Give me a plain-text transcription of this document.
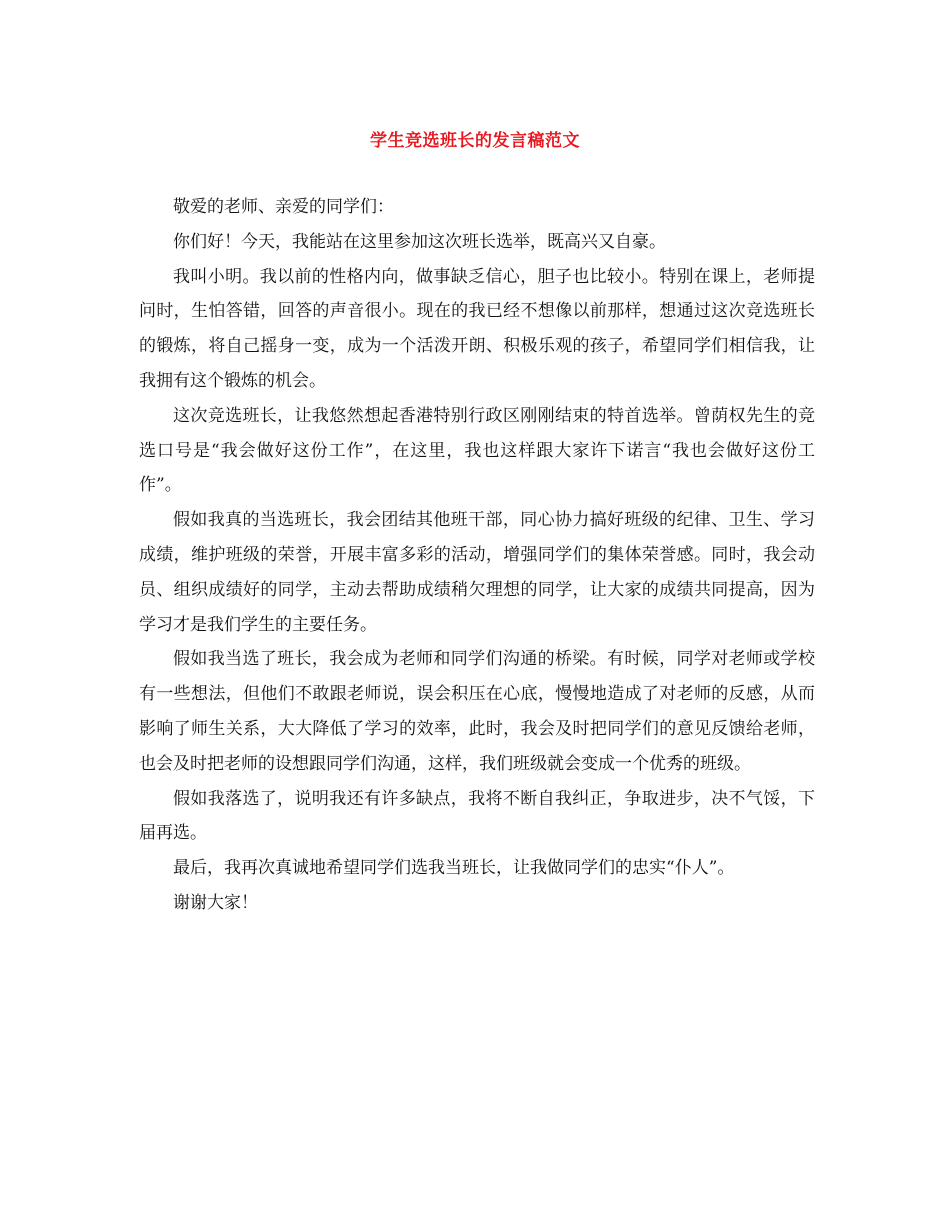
学生竞选班长的发言稿范文

敬爱的老师、亲爱的同学们：

你们好！今天，我能站在这里参加这次班长选举，既高兴又自豪。

我叫小明。我以前的性格内向，做事缺乏信心，胆子也比较小。特别在课上，老师提问时，生怕答错，回答的声音很小。现在的我已经不想像以前那样，想通过这次竞选班长的锻炼，将自己摇身一变，成为一个活泼开朗、积极乐观的孩子，希望同学们相信我，让我拥有这个锻炼的机会。

这次竞选班长，让我悠然想起香港特别行政区刚刚结束的特首选举。曾荫权先生的竞选口号是“我会做好这份工作”，在这里，我也这样跟大家许下诺言“我也会做好这份工作”。

假如我真的当选班长，我会团结其他班干部，同心协力搞好班级的纪律、卫生、学习成绩，维护班级的荣誉，开展丰富多彩的活动，增强同学们的集体荣誉感。同时，我会动员、组织成绩好的同学，主动去帮助成绩稍欠理想的同学，让大家的成绩共同提高，因为学习才是我们学生的主要任务。

假如我当选了班长，我会成为老师和同学们沟通的桥梁。有时候，同学对老师或学校有一些想法，但他们不敢跟老师说，误会积压在心底，慢慢地造成了对老师的反感，从而影响了师生关系，大大降低了学习的效率，此时，我会及时把同学们的意见反馈给老师，也会及时把老师的设想跟同学们沟通，这样，我们班级就会变成一个优秀的班级。

假如我落选了，说明我还有许多缺点，我将不断自我纠正，争取进步，决不气馁，下届再选。

最后，我再次真诚地希望同学们选我当班长，让我做同学们的忠实“仆人”。

谢谢大家！
